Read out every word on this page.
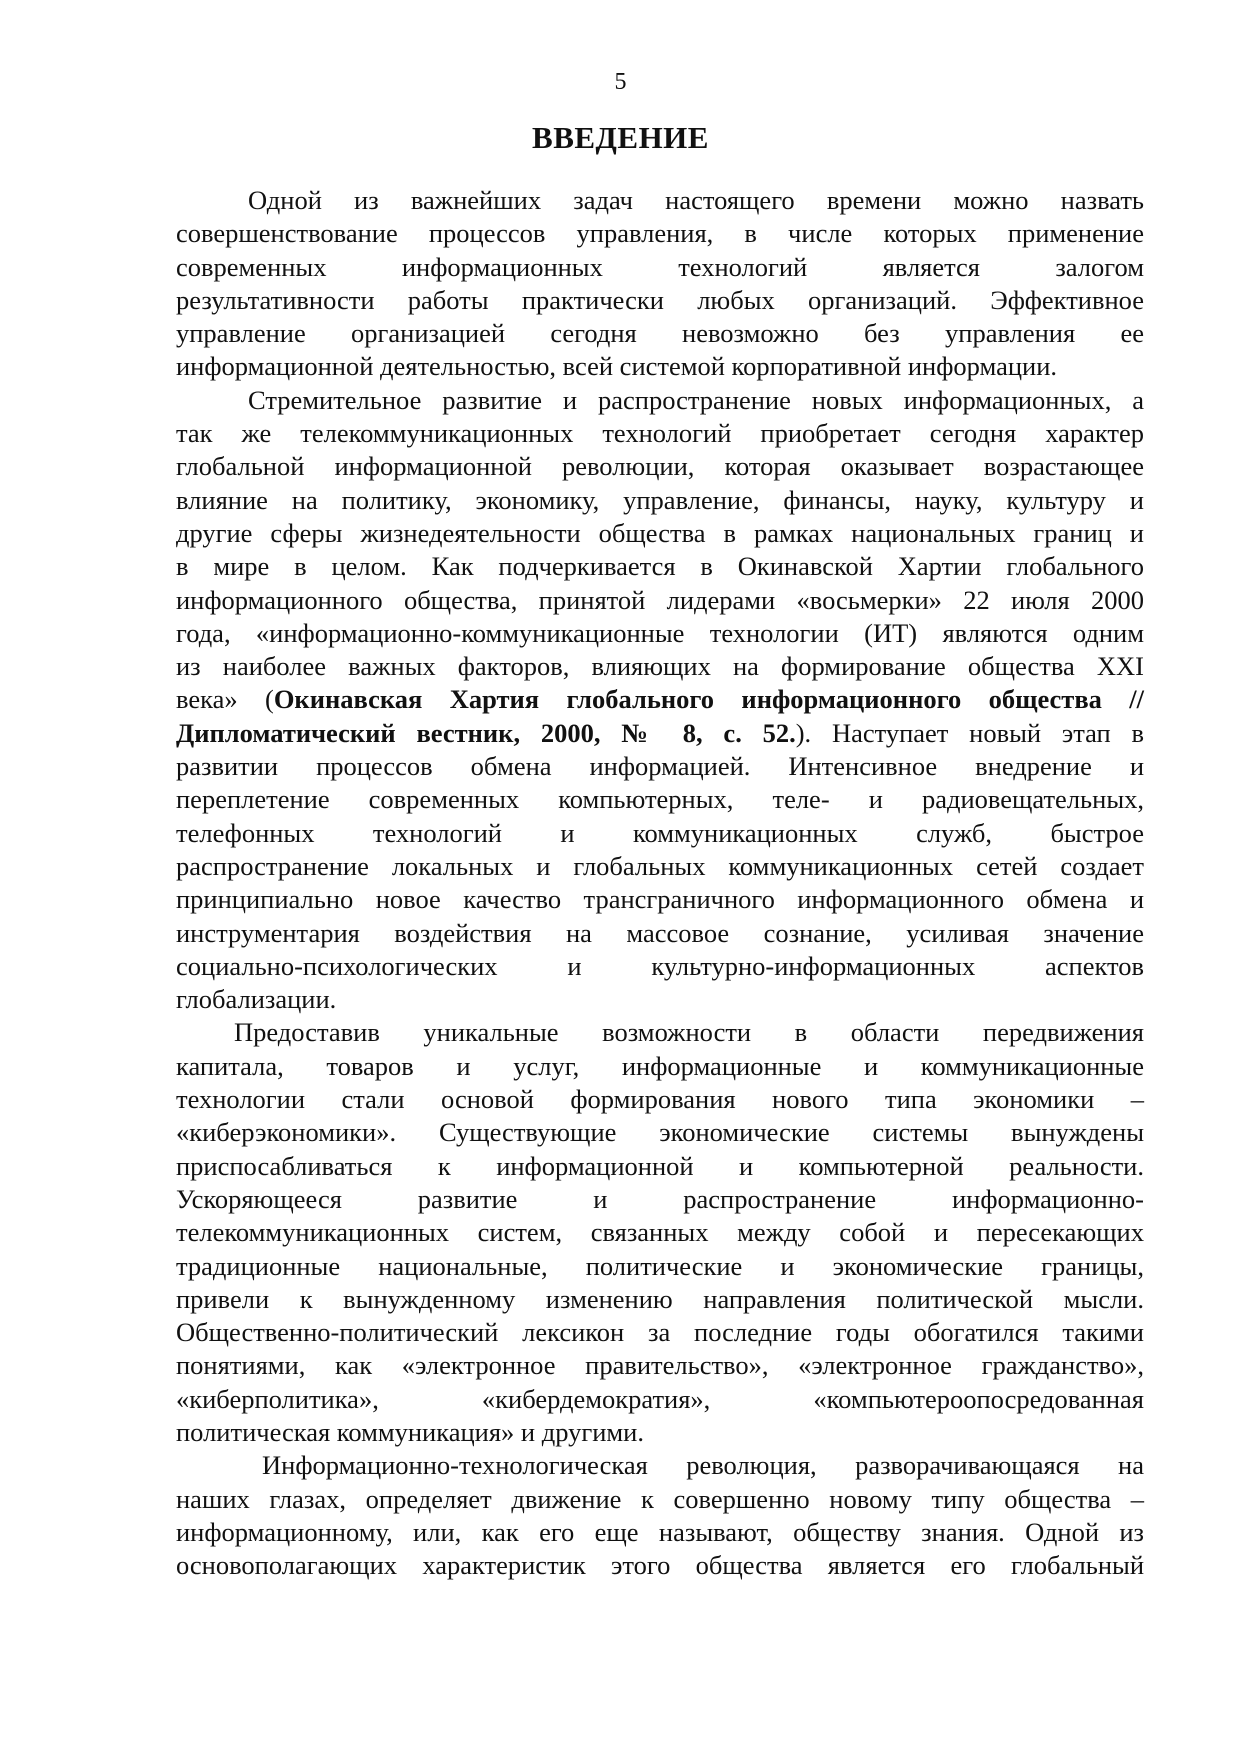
5
ВВЕДЕНИЕ
Одной из важнейших задач настоящего времени можно назвать
совершенствование процессов управления, в числе которых применение
современных информационных технологий является залогом
результативности работы практически любых организаций. Эффективное
управление организацией сегодня невозможно без управления ее
информационной деятельностью, всей системой корпоративной информации.
Стремительное развитие и распространение новых информационных, а
так же телекоммуникационных технологий приобретает сегодня характер
глобальной информационной революции, которая оказывает возрастающее
влияние на политику, экономику, управление, финансы, науку, культуру и
другие сферы жизнедеятельности общества в рамках национальных границ и
в мире в целом. Как подчеркивается в Окинавской Хартии глобального
информационного общества, принятой лидерами «восьмерки» 22 июля 2000
года, «информационно-коммуникационные технологии (ИТ) являются одним
из наиболее важных факторов, влияющих на формирование общества XXI
века» (Окинавская Хартия глобального информационного общества //
Дипломатический вестник, 2000, № 8, с. 52.). Наступает новый этап в
развитии процессов обмена информацией. Интенсивное внедрение и
переплетение современных компьютерных, теле- и радиовещательных,
телефонных технологий и коммуникационных служб, быстрое
распространение локальных и глобальных коммуникационных сетей создает
принципиально новое качество трансграничного информационного обмена и
инструментария воздействия на массовое сознание, усиливая значение
социально-психологических и культурно-информационных аспектов
глобализации.
Предоставив уникальные возможности в области передвижения
капитала, товаров и услуг, информационные и коммуникационные
технологии стали основой формирования нового типа экономики –
«киберэкономики». Существующие экономические системы вынуждены
приспосабливаться к информационной и компьютерной реальности.
Ускоряющееся развитие и распространение информационно-
телекоммуникационных систем, связанных между собой и пересекающих
традиционные национальные, политические и экономические границы,
привели к вынужденному изменению направления политической мысли.
Общественно-политический лексикон за последние годы обогатился такими
понятиями, как «электронное правительство», «электронное гражданство»,
«киберполитика», «кибердемократия», «компьютероопосредованная
политическая коммуникация» и другими.
Информационно-технологическая революция, разворачивающаяся на
наших глазах, определяет движение к совершенно новому типу общества –
информационному, или, как его еще называют, обществу знания. Одной из
основополагающих характеристик этого общества является его глобальный
